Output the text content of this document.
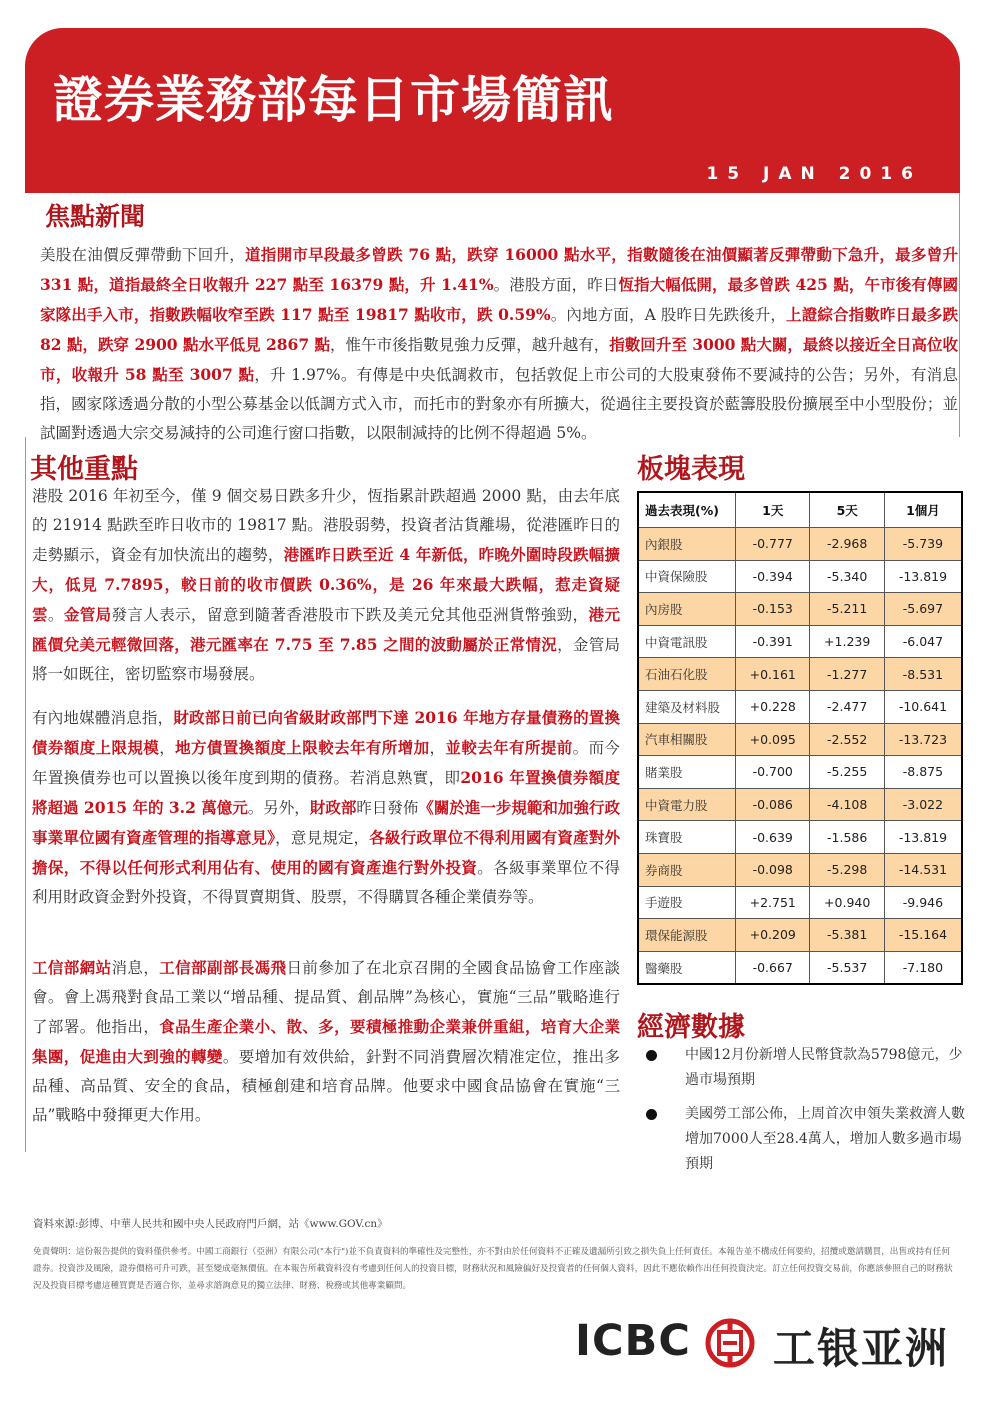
證券業務部每日市場簡訊
15 JAN 2016
焦點新聞

美股在油價反彈帶動下回升，道指開市早段最多曾跌 76 點，跌穿 16000 點水平，指數隨後在油價顯著反彈帶動下急升，最多曾升 331 點，道指最終全日收報升 227 點至 16379 點，升 1.41%。港股方面，昨日恆指大幅低開，最多曾跌 425 點，午市後有傳國家隊出手入市，指數跌幅收窄至跌 117 點至 19817 點收市，跌 0.59%。內地方面，A 股昨日先跌後升，上證綜合指數昨日最多跌 82 點，跌穿 2900 點水平低見 2867 點，惟午市後指數見強力反彈，越升越有，指數回升至 3000 點大關，最終以接近全日高位收市，收報升 58 點至 3007 點，升 1.97%。有傳是中央低調救市，包括敦促上市公司的大股東發佈不要減持的公告；另外，有消息指，國家隊透過分散的小型公募基金以低調方式入市，而托市的對象亦有所擴大，從過往主要投資於藍籌股股份擴展至中小型股份；並試圖對透過大宗交易減持的公司進行窗口指數，以限制減持的比例不得超過 5%。

其他重點

港股 2016 年初至今，僅 9 個交易日跌多升少，恆指累計跌超過 2000 點，由去年底的 21914 點跌至昨日收市的 19817 點。港股弱勢，投資者沽貨離場，從港匯昨日的走勢顯示，資金有加快流出的趨勢，港匯昨日跌至近 4 年新低，昨晚外圍時段跌幅擴大，低見 7.7895，較日前的收市價跌 0.36%，是 26 年來最大跌幅，惹走資疑雲。金管局發言人表示，留意到隨著香港股市下跌及美元兌其他亞洲貨幣強勁，港元匯價兌美元輕微回落，港元匯率在 7.75 至 7.85 之間的波動屬於正常情況，金管局將一如既往，密切監察市場發展。

有內地媒體消息指，財政部日前已向省級財政部門下達 2016 年地方存量債務的置換債券額度上限規模，地方債置換額度上限較去年有所增加，並較去年有所提前。而今年置換債券也可以置換以後年度到期的債務。若消息熟實，即2016 年置換債券額度將超過 2015 年的 3.2 萬億元。另外，財政部昨日發佈《關於進一步規範和加強行政事業單位國有資產管理的指導意見》，意見規定，各級行政單位不得利用國有資產對外擔保，不得以任何形式利用佔有、使用的國有資產進行對外投資。各級事業單位不得利用財政資金對外投資，不得買賣期貨、股票，不得購買各種企業債券等。

工信部網站消息，工信部副部長馮飛日前參加了在北京召開的全國食品協會工作座談會。會上馮飛對食品工業以“增品種、提品質、創品牌”為核心，實施“三品”戰略進行了部署。他指出，食品生產企業小、散、多，要積極推動企業兼併重組，培育大企業集團，促進由大到強的轉變。要增加有效供給，針對不同消費層次精准定位，推出多品種、高品質、安全的食品，積極創建和培育品牌。他要求中國食品協會在實施“三品”戰略中發揮更大作用。

板塊表現
過去表現(%)	1天	5天	1個月
內銀股	-0.777	-2.968	-5.739
中資保險股	-0.394	-5.340	-13.819
內房股	-0.153	-5.211	-5.697
中資電訊股	-0.391	+1.239	-6.047
石油石化股	+0.161	-1.277	-8.531
建築及材料股	+0.228	-2.477	-10.641
汽車相關股	+0.095	-2.552	-13.723
賭業股	-0.700	-5.255	-8.875
中資電力股	-0.086	-4.108	-3.022
珠寶股	-0.639	-1.586	-13.819
券商股	-0.098	-5.298	-14.531
手遊股	+2.751	+0.940	-9.946
環保能源股	+0.209	-5.381	-15.164
醫藥股	-0.667	-5.537	-7.180
經濟數據
中國12月份新增人民幣貸款為5798億元，少過市場預期
美國勞工部公佈，上周首次申領失業救濟人數增加7000人至28.4萬人，增加人數多過市場預期

資料來源:彭博、中華人民共和國中央人民政府門戶網，站《www.GOV.cn》

免責聲明：這份報告提供的資料僅供參考。中國工商銀行（亞洲）有限公司("本行")並不負責資料的準確性及完整性，亦不對由於任何資料不正確及遺漏所引致之損失負上任何責任。本報告並不構成任何要約，招攬或邀請購買，出售或持有任何證券。投資涉及風險，證券價格可升可跌，甚至變成毫無價值。在本報告所載資料沒有考慮到任何人的投資目標，財務狀況和風險偏好及投資者的任何個人資料，因此不應依賴作出任何投資決定。訂立任何投資交易前，你應該參照自己的財務狀況及投資目標考慮這種買賣是否適合你，並尋求諮詢意見的獨立法律、財務、稅務或其他專業顧問。

ICBC 工银亚洲
